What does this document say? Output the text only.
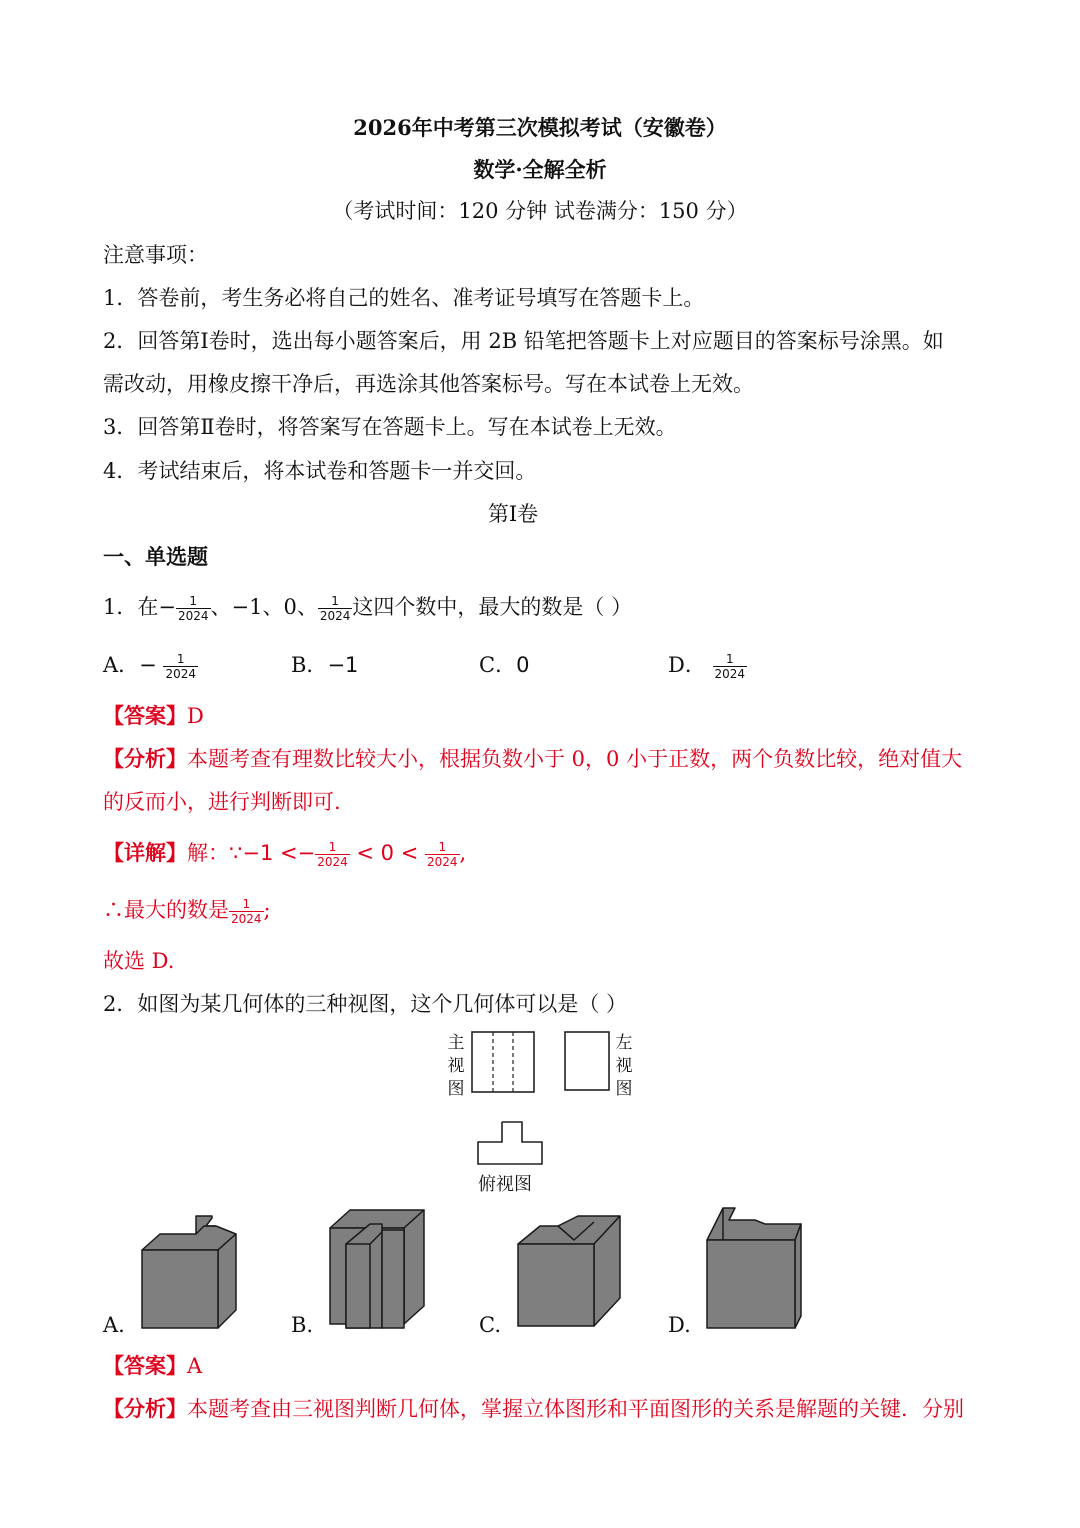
2026年中考第三次模拟考试（安徽卷）
数学·全解全析
（考试时间：120 分钟 试卷满分：150 分）
注意事项：
1．答卷前，考生务必将自己的姓名、准考证号填写在答题卡上。
2．回答第Ⅰ卷时，选出每小题答案后，用 2B 铅笔把答题卡上对应题目的答案标号涂黑。如
需改动，用橡皮擦干净后，再选涂其他答案标号。写在本试卷上无效。
3．回答第Ⅱ卷时，将答案写在答题卡上。写在本试卷上无效。
4．考试结束后，将本试卷和答题卡一并交回。
第Ⅰ卷
一、单选题
1．在− $\frac{1}{2024}$ 、−1、0、 $\frac{1}{2024}$ 这四个数中，最大的数是（ ）
A．− $\frac{1}{2024}$	B．−1	C．0	D． $\frac{1}{2024}$
【答案】D
【分析】本题考查有理数比较大小，根据负数小于 0，0 小于正数，两个负数比较，绝对值大
的反而小，进行判断即可.
【详解】解：∵−1 <− $\frac{1}{2024} < 0 < \frac{1}{2024}$ ,
∴最大的数是 $\frac{1}{2024}$ ;
故选 D.
2．如图为某几何体的三种视图，这个几何体可以是（ ）
主视图
左视图
俯视图
A.	B.	C.	D.
【答案】A
【分析】本题考查由三视图判断几何体，掌握立体图形和平面图形的关系是解题的关键．分别
